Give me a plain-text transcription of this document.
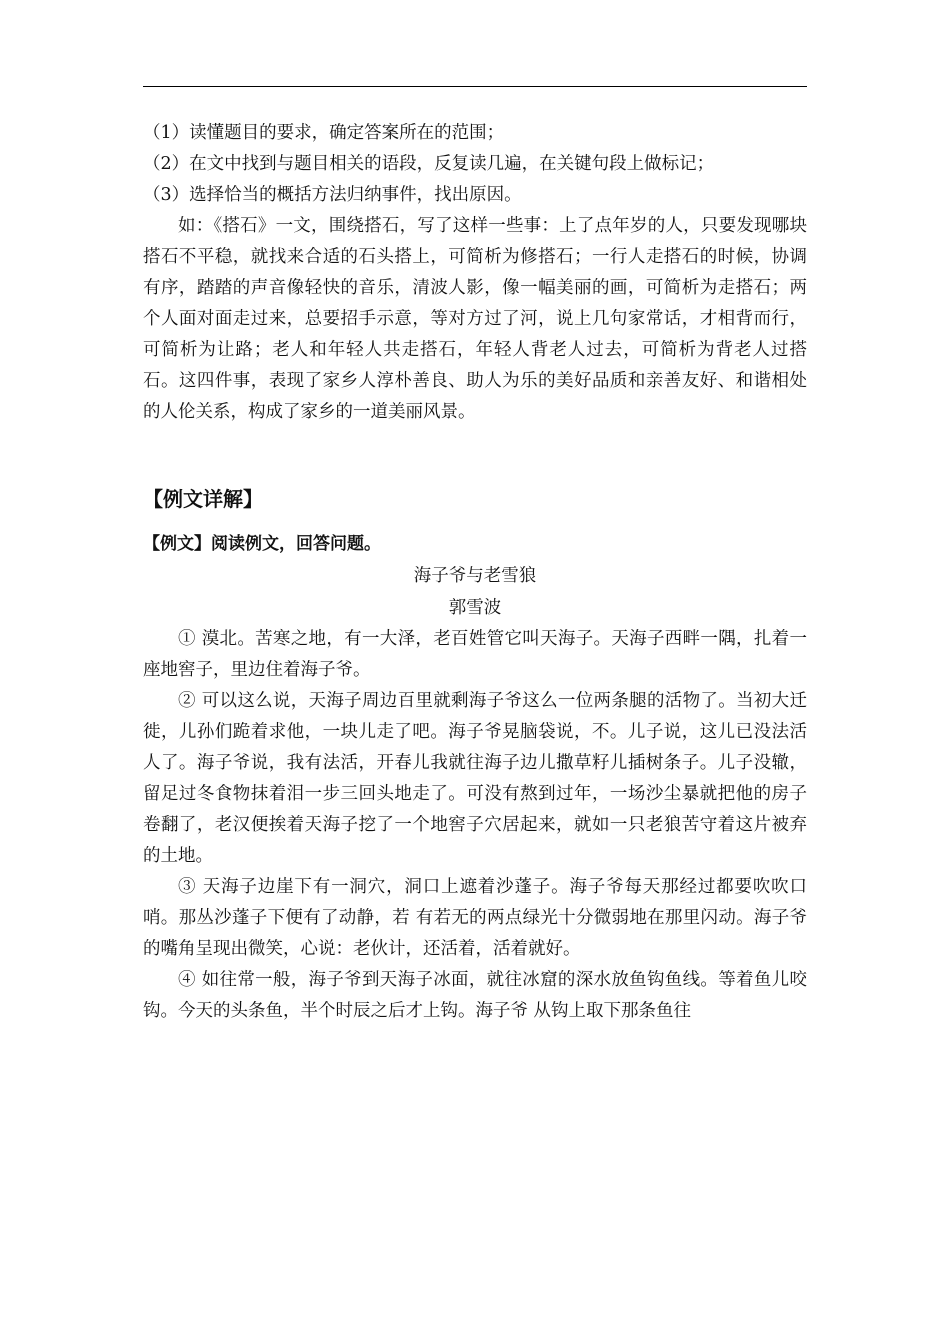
（1）读懂题目的要求，确定答案所在的范围；
（2）在文中找到与题目相关的语段，反复读几遍，在关键句段上做标记；
（3）选择恰当的概括方法归纳事件，找出原因。

如：《搭石》一文，围绕搭石，写了这样一些事：上了点年岁的人，只要发现哪块搭石不平稳，就找来合适的石头搭上，可简析为修搭石；一行人走搭石的时候，协调有序，踏踏的声音像轻快的音乐，清波人影，像一幅美丽的画，可简析为走搭石；两个人面对面走过来，总要招手示意，等对方过了河，说上几句家常话，才相背而行，可简析为让路；老人和年轻人共走搭石，年轻人背老人过去，可简析为背老人过搭石。这四件事，表现了家乡人淳朴善良、助人为乐的美好品质和亲善友好、和谐相处的人伦关系，构成了家乡的一道美丽风景。

【例文详解】
【例文】阅读例文，回答问题。
海子爷与老雪狼
郭雪波

① 漠北。苦寒之地，有一大泽，老百姓管它叫天海子。天海子西畔一隅，扎着一座地窖子，里边住着海子爷。

② 可以这么说，天海子周边百里就剩海子爷这么一位两条腿的活物了。当初大迁徙，儿孙们跪着求他，一块儿走了吧。海子爷晃脑袋说，不。儿子说，这儿已没法活人了。海子爷说，我有法活，开春儿我就往海子边儿撒草籽儿插树条子。儿子没辙，留足过冬食物抹着泪一步三回头地走了。可没有熬到过年，一场沙尘暴就把他的房子卷翻了，老汉便挨着天海子挖了一个地窖子穴居起来，就如一只老狼苦守着这片被弃的土地。

③ 天海子边崖下有一洞穴，洞口上遮着沙蓬子。海子爷每天那经过都要吹吹口哨。那丛沙蓬子下便有了动静，若 有若无的两点绿光十分微弱地在那里闪动。海子爷的嘴角呈现出微笑，心说：老伙计，还活着，活着就好。

④ 如往常一般，海子爷到天海子冰面，就往冰窟的深水放鱼钩鱼线。等着鱼儿咬钩。今天的头条鱼，半个时辰之后才上钩。海子爷 从钩上取下那条鱼往
